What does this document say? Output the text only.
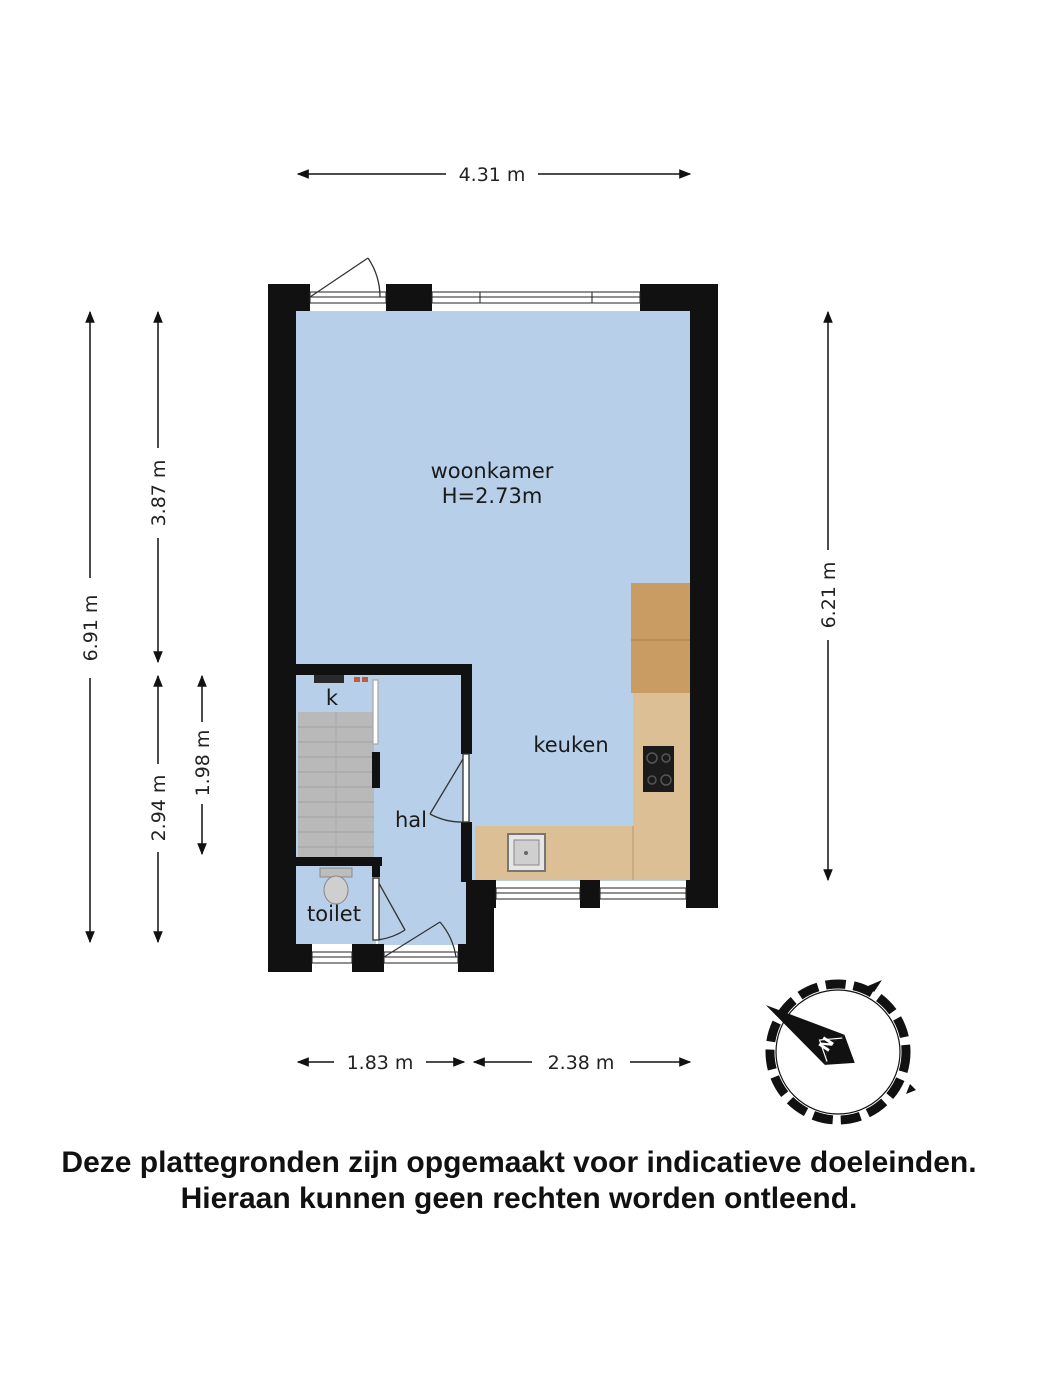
4.31 m
6.91 m
3.87 m
2.94 m
1.98 m
6.21 m
1.83 m	2.38 m
woonkamer
H=2.73m
keuken
hal
k
toilet
N
Deze plattegronden zijn opgemaakt voor indicatieve doeleinden.
Hieraan kunnen geen rechten worden ontleend.
